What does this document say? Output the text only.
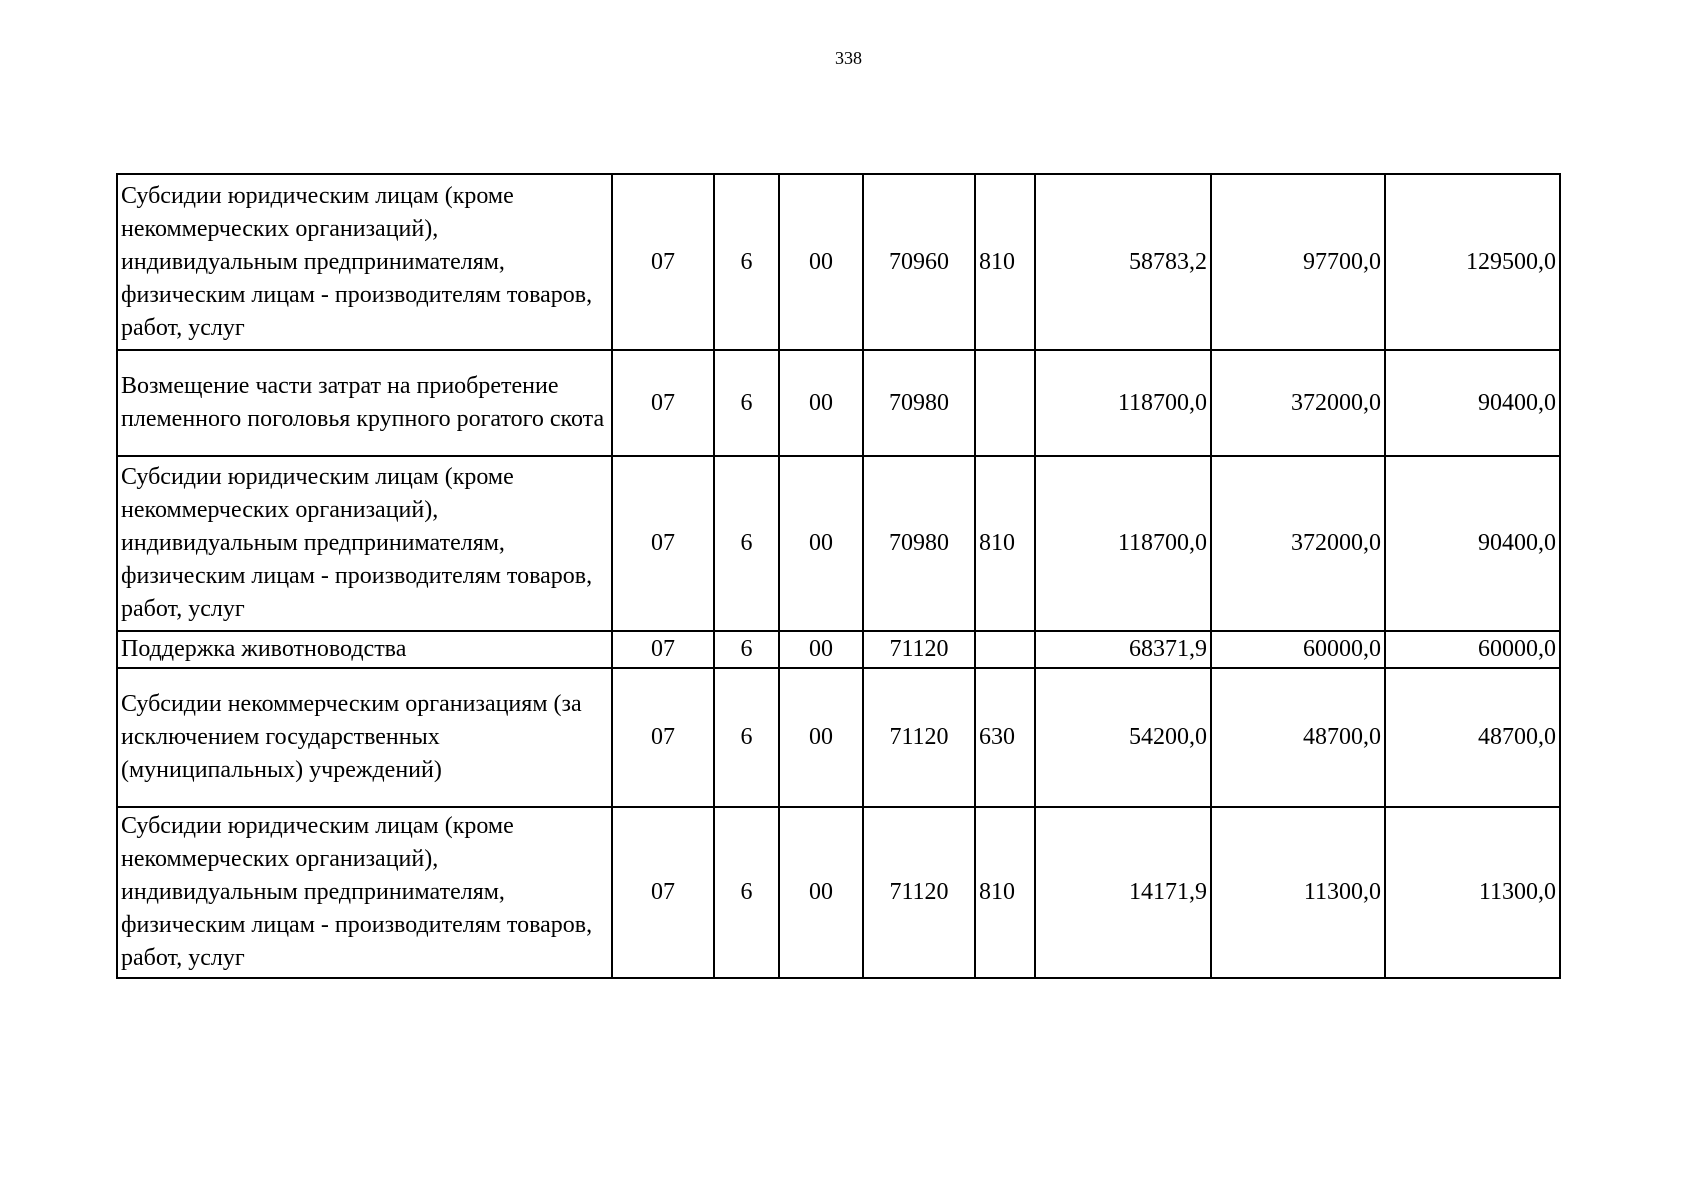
338
Субсидии юридическим лицам (кроме некоммерческих организаций), индивидуальным предпринимателям, физическим лицам - производителям товаров, работ, услуг	07	6	00	70960	810	58783,2	97700,0	129500,0
Возмещение части затрат на приобретение племенного поголовья крупного рогатого скота	07	6	00	70980		118700,0	372000,0	90400,0
Субсидии юридическим лицам (кроме некоммерческих организаций), индивидуальным предпринимателям, физическим лицам - производителям товаров, работ, услуг	07	6	00	70980	810	118700,0	372000,0	90400,0
Поддержка животноводства	07	6	00	71120		68371,9	60000,0	60000,0
Субсидии некоммерческим организациям (за исключением государственных (муниципальных) учреждений)	07	6	00	71120	630	54200,0	48700,0	48700,0
Субсидии юридическим лицам (кроме некоммерческих организаций), индивидуальным предпринимателям, физическим лицам - производителям товаров, работ, услуг	07	6	00	71120	810	14171,9	11300,0	11300,0
